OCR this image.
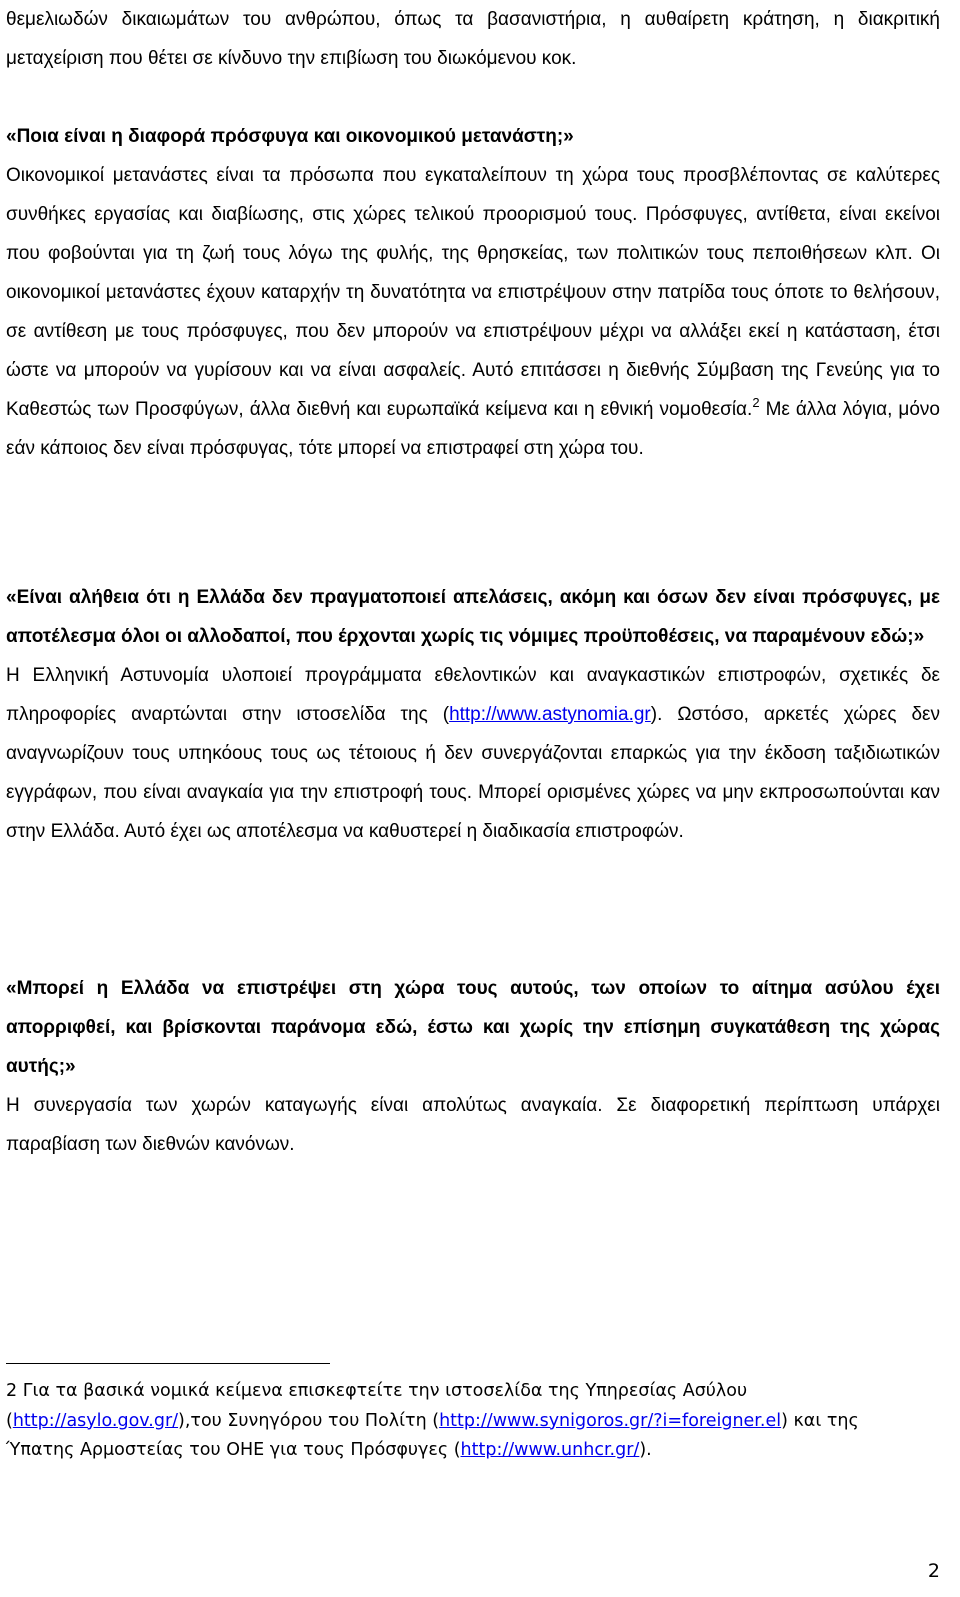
θεμελιωδών δικαιωμάτων του ανθρώπου, όπως τα βασανιστήρια, η αυθαίρετη κράτηση, η διακριτική μεταχείριση που θέτει σε κίνδυνο την επιβίωση του διωκόμενου κοκ.

«Ποια είναι η διαφορά πρόσφυγα και οικονομικού μετανάστη;»

Οικονομικοί μετανάστες είναι τα πρόσωπα που εγκαταλείπουν τη χώρα τους προσβλέποντας σε καλύτερες συνθήκες εργασίας και διαβίωσης, στις χώρες τελικού προορισμού τους. Πρόσφυγες, αντίθετα, είναι εκείνοι που φοβούνται για τη ζωή τους λόγω της φυλής, της θρησκείας, των πολιτικών τους πεποιθήσεων κλπ. Οι οικονομικοί μετανάστες έχουν καταρχήν τη δυνατότητα να επιστρέψουν στην πατρίδα τους όποτε το θελήσουν, σε αντίθεση με τους πρόσφυγες, που δεν μπορούν να επιστρέψουν μέχρι να αλλάξει εκεί η κατάσταση, έτσι ώστε να μπορούν να γυρίσουν και να είναι ασφαλείς. Αυτό επιτάσσει η διεθνής Σύμβαση της Γενεύης για το Καθεστώς των Προσφύγων, άλλα διεθνή και ευρωπαϊκά κείμενα και η εθνική νομοθεσία.$^2$ Με άλλα λόγια, μόνο εάν κάποιος δεν είναι πρόσφυγας, τότε μπορεί να επιστραφεί στη χώρα του.

«Είναι αλήθεια ότι η Ελλάδα δεν πραγματοποιεί απελάσεις, ακόμη και όσων δεν είναι πρόσφυγες, με αποτέλεσμα όλοι οι αλλοδαποί, που έρχονται χωρίς τις νόμιμες προϋποθέσεις, να παραμένουν εδώ;»

Η Ελληνική Αστυνομία υλοποιεί προγράμματα εθελοντικών και αναγκαστικών επιστροφών, σχετικές δε πληροφορίες αναρτώνται στην ιστοσελίδα της (http://www.astynomia.gr). Ωστόσο, αρκετές χώρες δεν αναγνωρίζουν τους υπηκόους τους ως τέτοιους ή δεν συνεργάζονται επαρκώς για την έκδοση ταξιδιωτικών εγγράφων, που είναι αναγκαία για την επιστροφή τους. Μπορεί ορισμένες χώρες να μην εκπροσωπούνται καν στην Ελλάδα. Αυτό έχει ως αποτέλεσμα να καθυστερεί η διαδικασία επιστροφών.

«Μπορεί η Ελλάδα να επιστρέψει στη χώρα τους αυτούς, των οποίων το αίτημα ασύλου έχει απορριφθεί, και βρίσκονται παράνομα εδώ, έστω και χωρίς την επίσημη συγκατάθεση της χώρας αυτής;»

Η συνεργασία των χωρών καταγωγής είναι απολύτως αναγκαία. Σε διαφορετική περίπτωση υπάρχει παραβίαση των διεθνών κανόνων.

2 Για τα βασικά νομικά κείμενα επισκεφτείτε την ιστοσελίδα της Υπηρεσίας Ασύλου (http://asylo.gov.gr/),του Συνηγόρου του Πολίτη (http://www.synigoros.gr/?i=foreigner.el) και της Ύπατης Αρμοστείας του ΟΗΕ για τους Πρόσφυγες (http://www.unhcr.gr/).

2
